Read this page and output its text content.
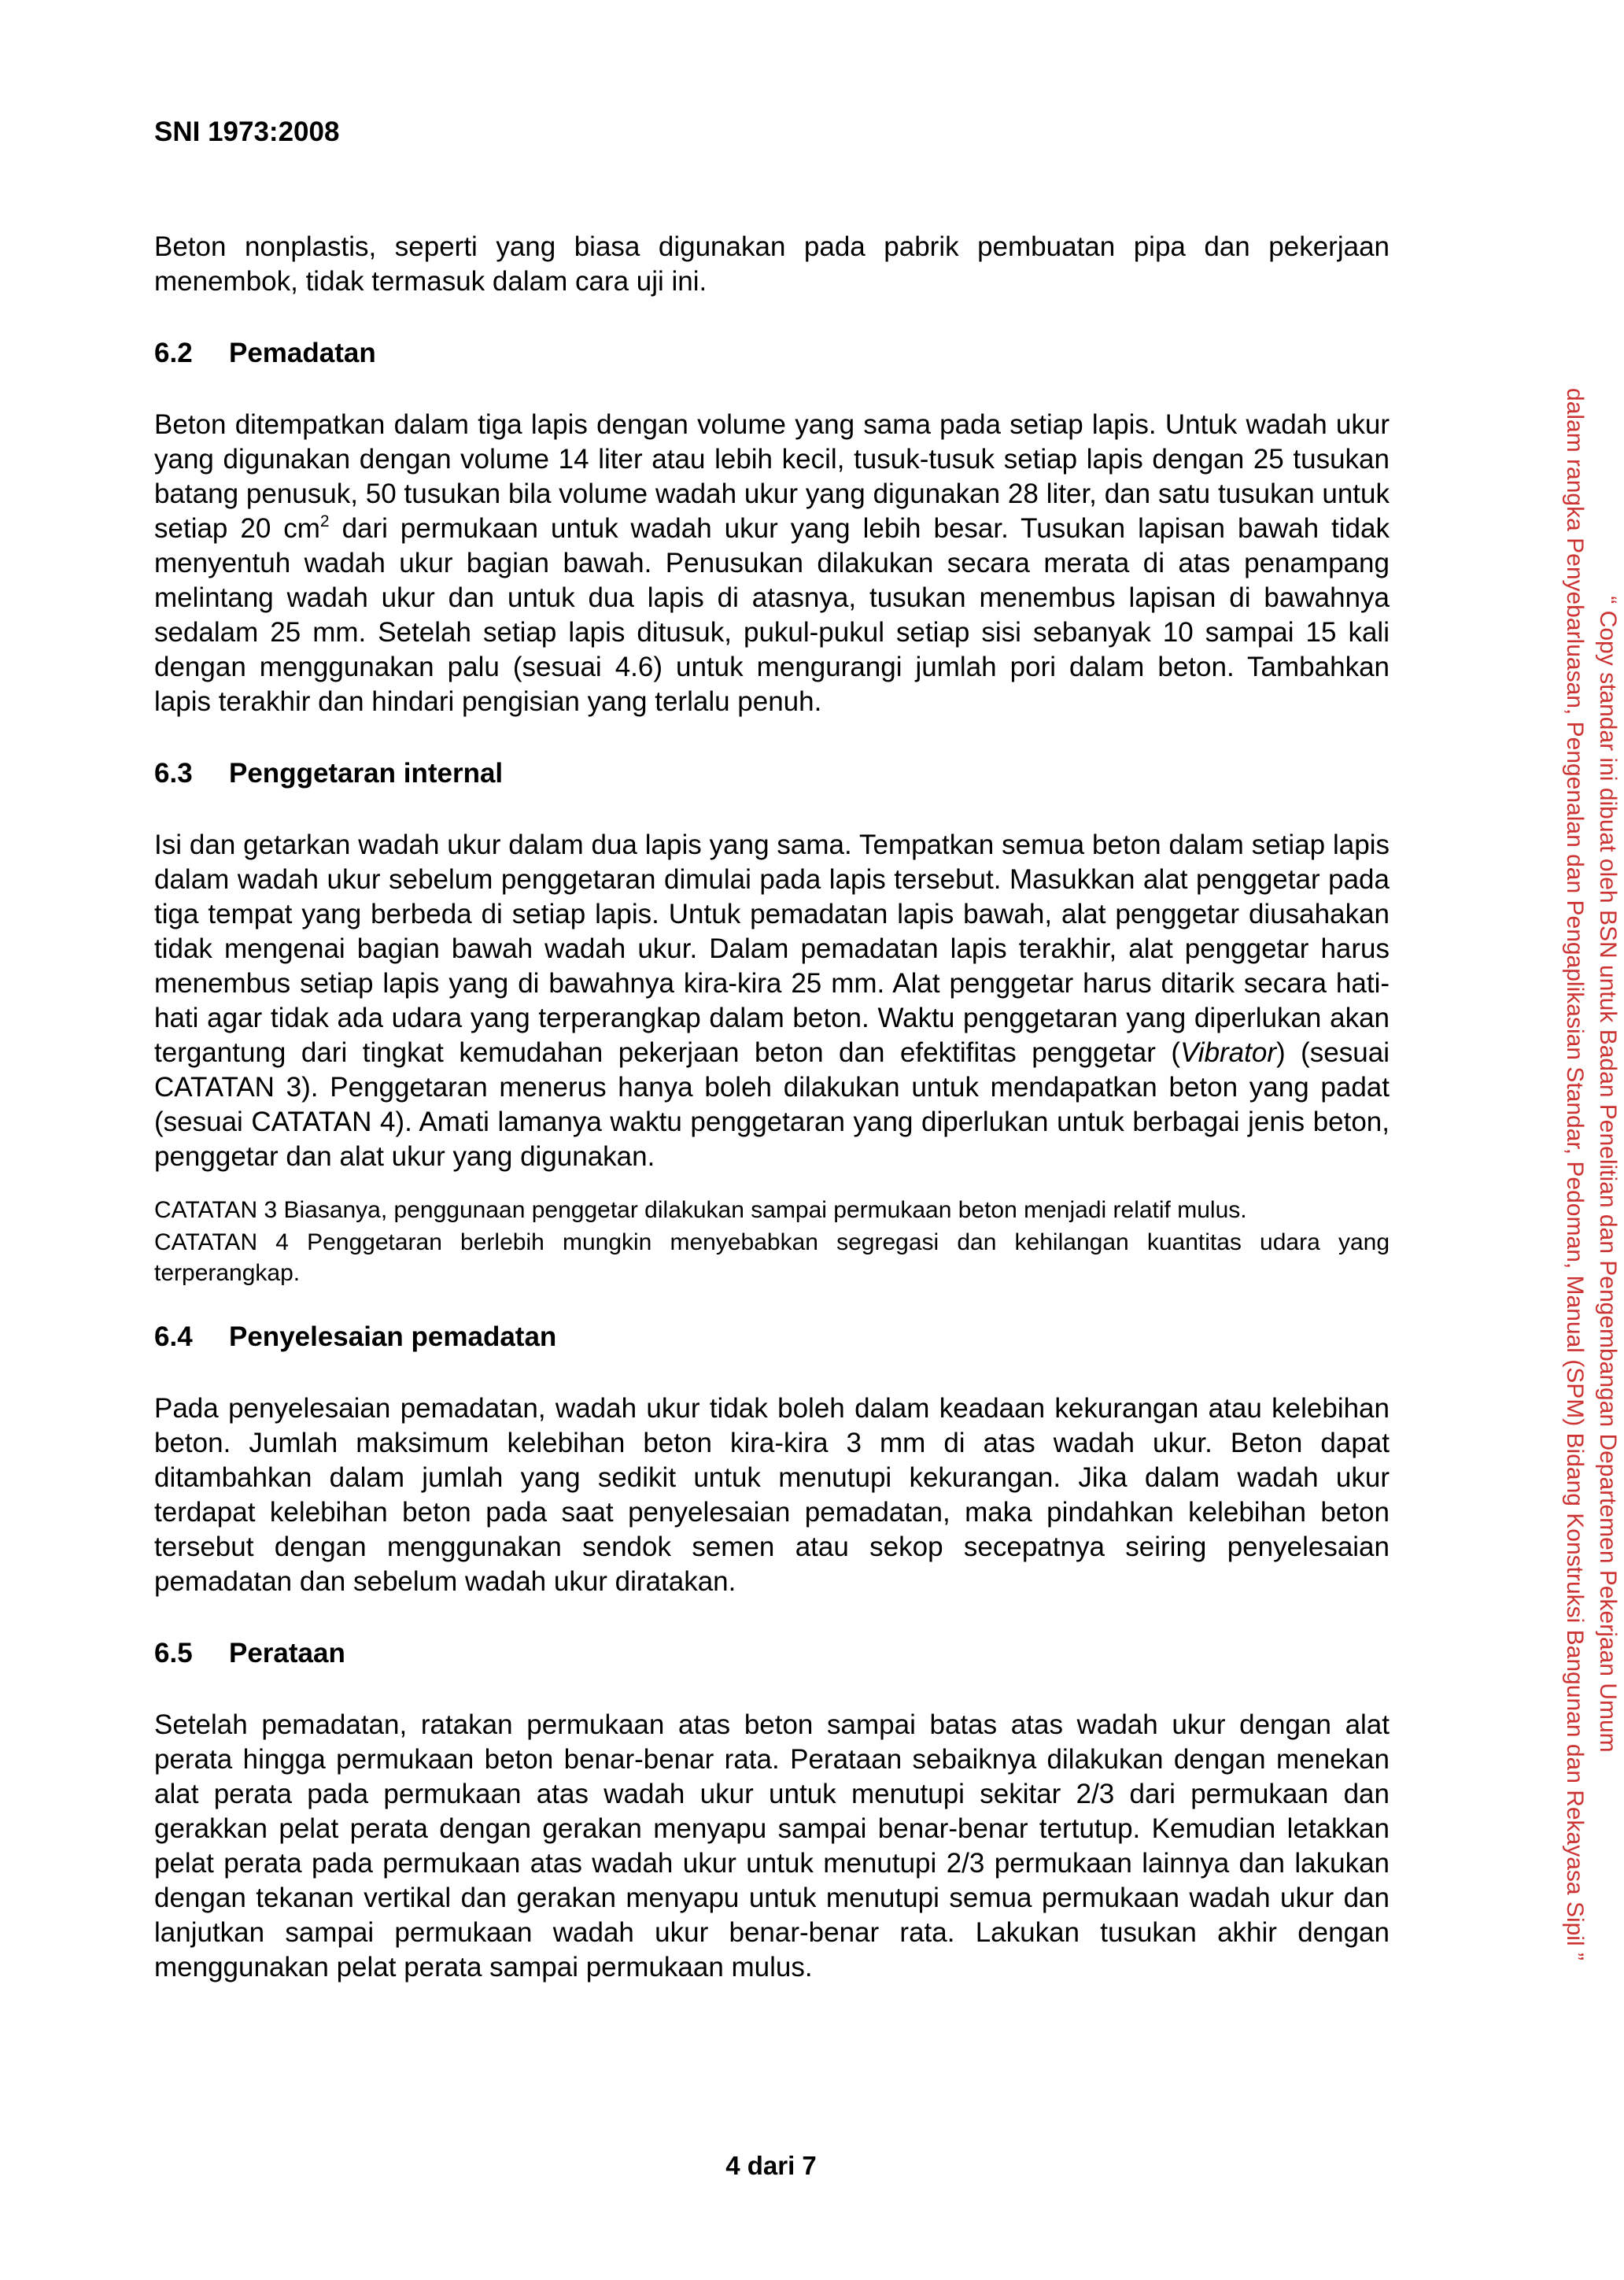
SNI 1973:2008

Beton nonplastis, seperti yang biasa digunakan pada pabrik pembuatan pipa dan pekerjaan menembok, tidak termasuk dalam cara uji ini.

6.2 Pemadatan

Beton ditempatkan dalam tiga lapis dengan volume yang sama pada setiap lapis. Untuk wadah ukur yang digunakan dengan volume 14 liter atau lebih kecil, tusuk-tusuk setiap lapis dengan 25 tusukan batang penusuk, 50 tusukan bila volume wadah ukur yang digunakan 28 liter, dan satu tusukan untuk setiap 20 $cm^2$ dari permukaan untuk wadah ukur yang lebih besar. Tusukan lapisan bawah tidak menyentuh wadah ukur bagian bawah. Penusukan dilakukan secara merata di atas penampang melintang wadah ukur dan untuk dua lapis di atasnya, tusukan menembus lapisan di bawahnya sedalam 25 mm. Setelah setiap lapis ditusuk, pukul-pukul setiap sisi sebanyak 10 sampai 15 kali dengan menggunakan palu (sesuai 4.6) untuk mengurangi jumlah pori dalam beton. Tambahkan lapis terakhir dan hindari pengisian yang terlalu penuh.

6.3 Penggetaran internal

Isi dan getarkan wadah ukur dalam dua lapis yang sama. Tempatkan semua beton dalam setiap lapis dalam wadah ukur sebelum penggetaran dimulai pada lapis tersebut. Masukkan alat penggetar pada tiga tempat yang berbeda di setiap lapis. Untuk pemadatan lapis bawah, alat penggetar diusahakan tidak mengenai bagian bawah wadah ukur. Dalam pemadatan lapis terakhir, alat penggetar harus menembus setiap lapis yang di bawahnya kira-kira 25 mm. Alat penggetar harus ditarik secara hati-hati agar tidak ada udara yang terperangkap dalam beton. Waktu penggetaran yang diperlukan akan tergantung dari tingkat kemudahan pekerjaan beton dan efektifitas penggetar (Vibrator) (sesuai CATATAN 3). Penggetaran menerus hanya boleh dilakukan untuk mendapatkan beton yang padat (sesuai CATATAN 4). Amati lamanya waktu penggetaran yang diperlukan untuk berbagai jenis beton, penggetar dan alat ukur yang digunakan.

CATATAN 3 Biasanya, penggunaan penggetar dilakukan sampai permukaan beton menjadi relatif mulus.

CATATAN 4 Penggetaran berlebih mungkin menyebabkan segregasi dan kehilangan kuantitas udara yang terperangkap.

6.4 Penyelesaian pemadatan

Pada penyelesaian pemadatan, wadah ukur tidak boleh dalam keadaan kekurangan atau kelebihan beton. Jumlah maksimum kelebihan beton kira-kira 3 mm di atas wadah ukur. Beton dapat ditambahkan dalam jumlah yang sedikit untuk menutupi kekurangan. Jika dalam wadah ukur terdapat kelebihan beton pada saat penyelesaian pemadatan, maka pindahkan kelebihan beton tersebut dengan menggunakan sendok semen atau sekop secepatnya seiring penyelesaian pemadatan dan sebelum wadah ukur diratakan.

6.5 Perataan

Setelah pemadatan, ratakan permukaan atas beton sampai batas atas wadah ukur dengan alat perata hingga permukaan beton benar-benar rata. Perataan sebaiknya dilakukan dengan menekan alat perata pada permukaan atas wadah ukur untuk menutupi sekitar 2/3 dari permukaan dan gerakkan pelat perata dengan gerakan menyapu sampai benar-benar tertutup. Kemudian letakkan pelat perata pada permukaan atas wadah ukur untuk menutupi 2/3 permukaan lainnya dan lakukan dengan tekanan vertikal dan gerakan menyapu untuk menutupi semua permukaan wadah ukur dan lanjutkan sampai permukaan wadah ukur benar-benar rata. Lakukan tusukan akhir dengan menggunakan pelat perata sampai permukaan mulus.

4 dari 7
“ Copy standar ini dibuat oleh BSN untuk Badan Penelitian dan Pengembangan Departemen Pekerjaan Umum
dalam rangka Penyebarluasan, Pengenalan dan Pengaplikasian Standar, Pedoman, Manual (SPM) Bidang Konstruksi Bangunan dan Rekayasa Sipil ”
